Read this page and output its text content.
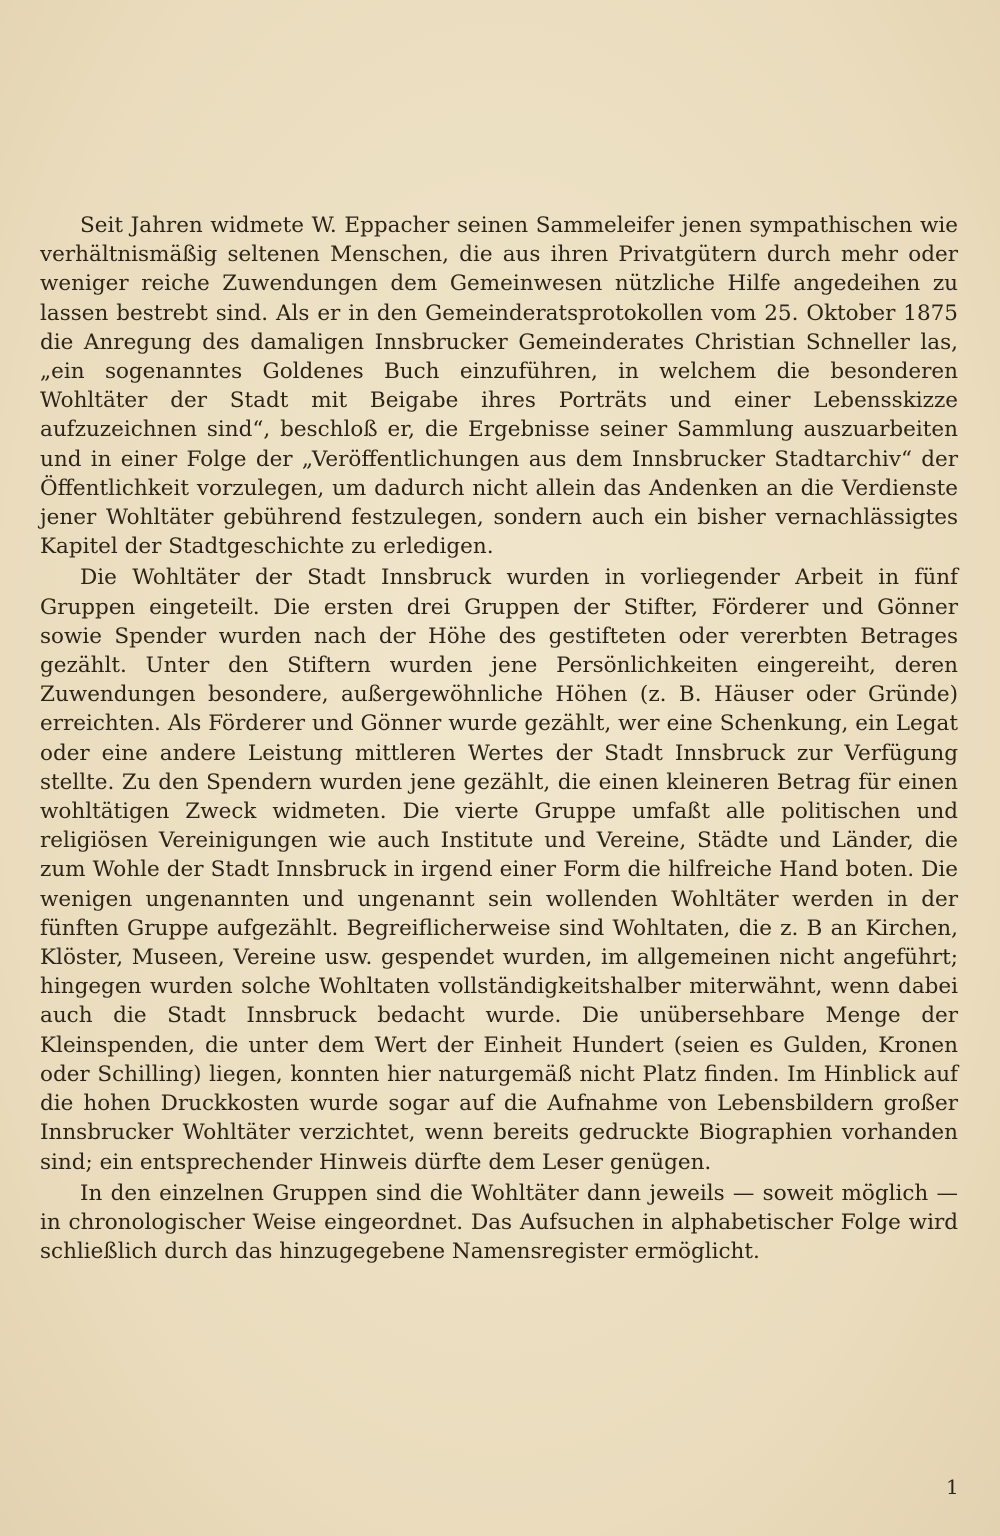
Seit Jahren widmete W. Eppacher seinen Sammeleifer jenen sympathischen wie verhältnismäßig seltenen Menschen, die aus ihren Privatgütern durch mehr oder weniger reiche Zuwendungen dem Gemeinwesen nützliche Hilfe angedeihen zu lassen bestrebt sind. Als er in den Gemeinderatsprotokollen vom 25. Oktober 1875 die Anregung des damaligen Innsbrucker Gemeinderates Christian Schneller las, „ein sogenanntes Goldenes Buch einzuführen, in welchem die besonderen Wohltäter der Stadt mit Beigabe ihres Porträts und einer Lebensskizze aufzuzeichnen sind“, beschloß er, die Ergebnisse seiner Sammlung auszuarbeiten und in einer Folge der „Veröffentlichungen aus dem Innsbrucker Stadtarchiv“ der Öffentlichkeit vorzulegen, um dadurch nicht allein das Andenken an die Verdienste jener Wohltäter gebührend festzulegen, sondern auch ein bisher vernachlässigtes Kapitel der Stadtgeschichte zu erledigen.

Die Wohltäter der Stadt Innsbruck wurden in vorliegender Arbeit in fünf Gruppen eingeteilt. Die ersten drei Gruppen der Stifter, Förderer und Gönner sowie Spender wurden nach der Höhe des gestifteten oder vererbten Betrages gezählt. Unter den Stiftern wurden jene Persönlichkeiten eingereiht, deren Zuwendungen besondere, außergewöhnliche Höhen (z. B. Häuser oder Gründe) erreichten. Als Förderer und Gönner wurde gezählt, wer eine Schenkung, ein Legat oder eine andere Leistung mittleren Wertes der Stadt Innsbruck zur Verfügung stellte. Zu den Spendern wurden jene gezählt, die einen kleineren Betrag für einen wohltätigen Zweck widmeten. Die vierte Gruppe umfaßt alle politischen und religiösen Vereinigungen wie auch Institute und Vereine, Städte und Länder, die zum Wohle der Stadt Innsbruck in irgend einer Form die hilfreiche Hand boten. Die wenigen ungenannten und ungenannt sein wollenden Wohltäter werden in der fünften Gruppe aufgezählt. Begreiflicherweise sind Wohltaten, die z. B an Kirchen, Klöster, Museen, Vereine usw. gespendet wurden, im allgemeinen nicht angeführt; hingegen wurden solche Wohltaten vollständigkeitshalber miterwähnt, wenn dabei auch die Stadt Innsbruck bedacht wurde. Die unübersehbare Menge der Kleinspenden, die unter dem Wert der Einheit Hundert (seien es Gulden, Kronen oder Schilling) liegen, konnten hier naturgemäß nicht Platz finden. Im Hinblick auf die hohen Druckkosten wurde sogar auf die Aufnahme von Lebensbildern großer Innsbrucker Wohltäter verzichtet, wenn bereits gedruckte Biographien vorhanden sind; ein entsprechender Hinweis dürfte dem Leser genügen.

In den einzelnen Gruppen sind die Wohltäter dann jeweils — soweit möglich — in chronologischer Weise eingeordnet. Das Aufsuchen in alphabetischer Folge wird schließlich durch das hinzugegebene Namensregister ermöglicht.

1
